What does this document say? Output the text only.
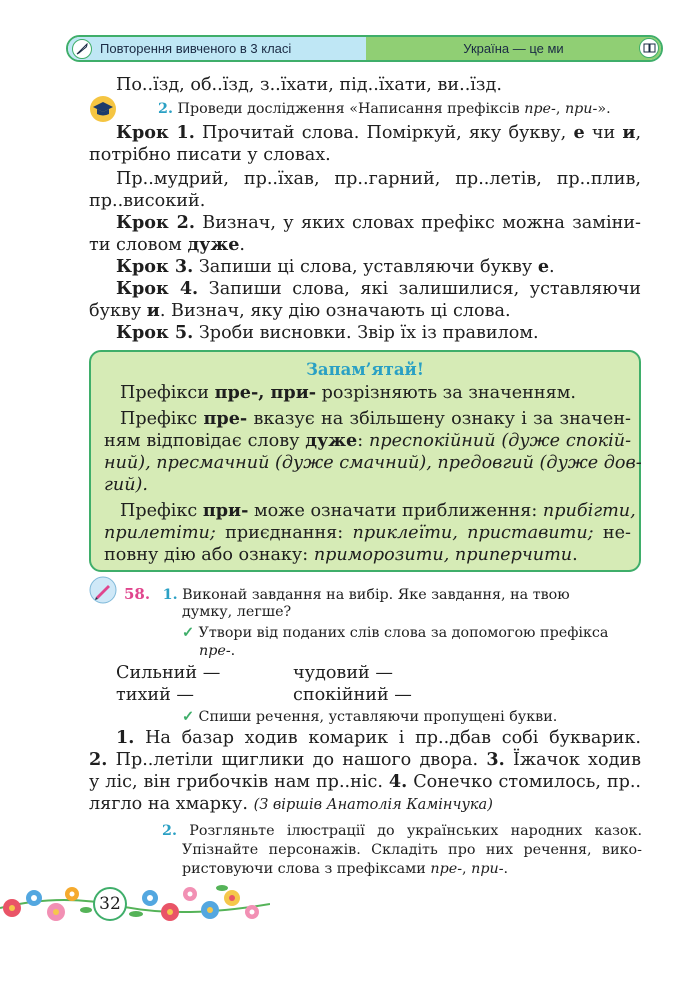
Повторення вивченого в 3 класі	Україна — це ми
По..їзд, об..їзд, з..їхати, під..їхати, ви..їзд.
2. Проведи дослідження «Написання префіксів пре-, при-».
Крок 1. Прочитай слова. Поміркуй, яку букву, е чи и,
потрібно писати у словах.
Пр..мудрий, пр..їхав, пр..гарний, пр..летів, пр..плив,
пр..високий.
Крок 2. Визнач, у яких словах префікс можна заміни-
ти словом дуже.
Крок 3. Запиши ці слова, уставляючи букву е.
Крок 4. Запиши слова, які залишилися, уставляючи
букву и. Визнач, яку дію означають ці слова.
Крок 5. Зроби висновки. Звір їх із правилом.
Запам’ятай!
Префікси пре-, при- розрізняють за значенням.
Префікс пре- вказує на збільшену ознаку і за значен-
ням відповідає слову дуже: преспокійний (дуже спокій-
ний), пресмачний (дуже смачний), предовгий (дуже дов-
гий).
Префікс при- може означати приближення: прибігти,
прилетіти; приєднання: приклеїти, приставити; не-
повну дію або ознаку: приморозити, приперчити.
58. 1. Виконай завдання на вибір. Яке завдання, на твою
думку, легше?
✓ Утвори від поданих слів слова за допомогою префікса
пре-.
Сильний —	чудовий —
тихий —	спокійний —
✓ Спиши речення, уставляючи пропущені букви.
1. На базар ходив комарик і пр..дбав собі букварик.
2. Пр..летіли щиглики до нашого двора. 3. Їжачок ходив
у ліс, він грибочків нам пр..ніс. 4. Сонечко стомилось, пр..
лягло на хмарку. (З віршів Анатолія Камінчука)
2. Розгляньте ілюстрації до українських народних казок.
Упізнайте персонажів. Складіть про них речення, вико-
ристовуючи слова з префіксами пре-, при-.
32
